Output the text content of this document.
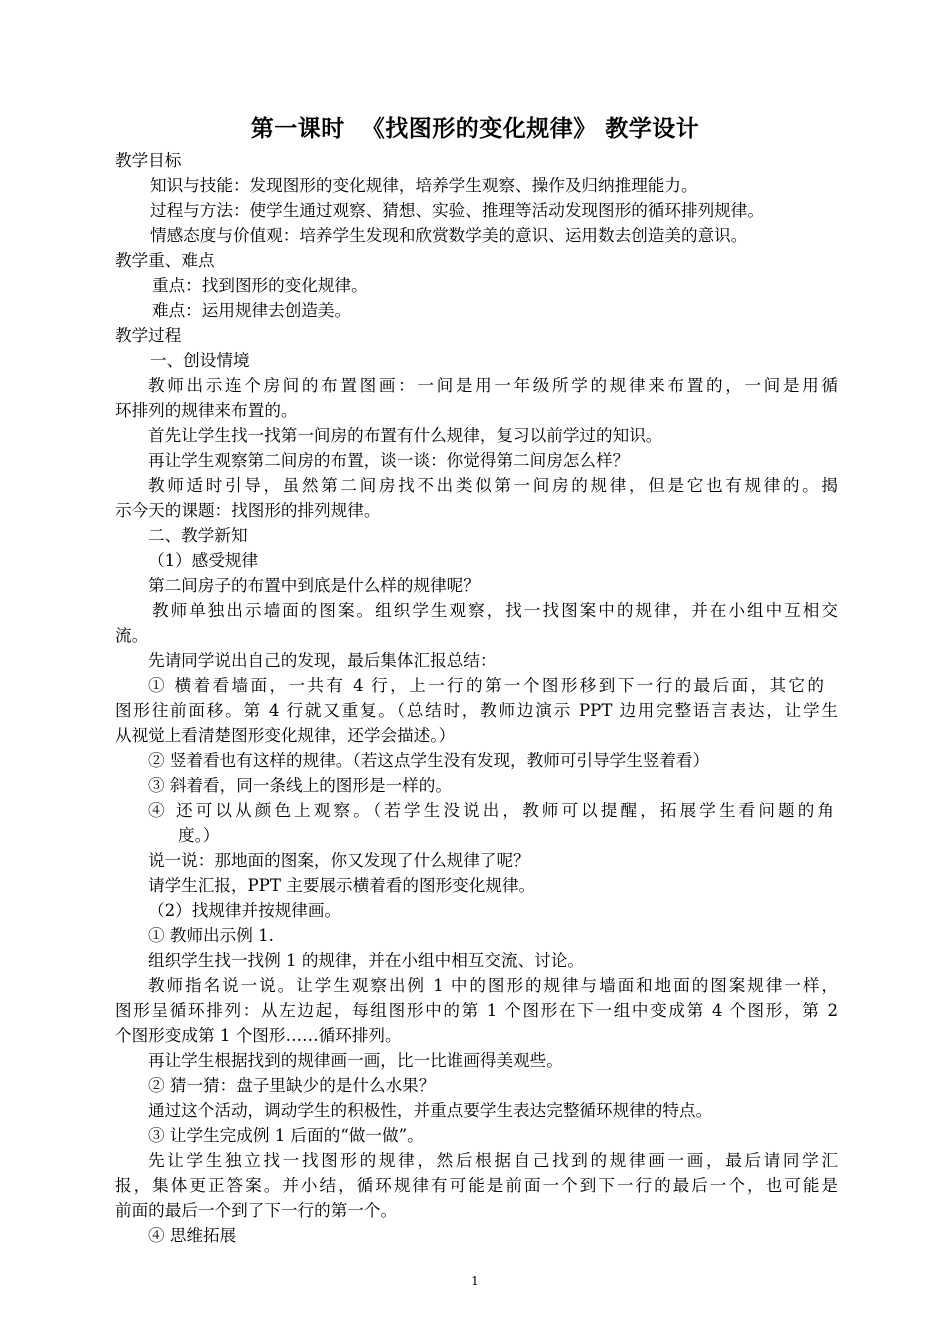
第一课时  《找图形的变化规律》 教学设计
教学目标
知识与技能：发现图形的变化规律，培养学生观察、操作及归纳推理能力。
过程与方法：使学生通过观察、猜想、实验、推理等活动发现图形的循环排列规律。
情感态度与价值观：培养学生发现和欣赏数学美的意识、运用数去创造美的意识。
教学重、难点
重点：找到图形的变化规律。
难点：运用规律去创造美。
教学过程
一、创设情境
教师出示连个房间的布置图画：一间是用一年级所学的规律来布置的，一间是用循
环排列的规律来布置的。
首先让学生找一找第一间房的布置有什么规律，复习以前学过的知识。
再让学生观察第二间房的布置，谈一谈：你觉得第二间房怎么样？
教师适时引导，虽然第二间房找不出类似第一间房的规律，但是它也有规律的。揭
示今天的课题：找图形的排列规律。
二、教学新知
（1）感受规律
第二间房子的布置中到底是什么样的规律呢？
教师单独出示墙面的图案。组织学生观察，找一找图案中的规律，并在小组中互相交
流。
先请同学说出自己的发现，最后集体汇报总结：
① 横着看墙面，一共有 4 行，上一行的第一个图形移到下一行的最后面，其它的
图形往前面移。第 4 行就又重复。（总结时，教师边演示 PPT 边用完整语言表达，让学生
从视觉上看清楚图形变化规律，还学会描述。）
② 竖着看也有这样的规律。（若这点学生没有发现，教师可引导学生竖着看）
③ 斜着看，同一条线上的图形是一样的。
④ 还可以从颜色上观察。（若学生没说出，教师可以提醒，拓展学生看问题的角
度。）
说一说：那地面的图案，你又发现了什么规律了呢？
请学生汇报，PPT 主要展示横着看的图形变化规律。
（2）找规律并按规律画。
① 教师出示例 1.
组织学生找一找例 1 的规律，并在小组中相互交流、讨论。
教师指名说一说。让学生观察出例 1 中的图形的规律与墙面和地面的图案规律一样，
图形呈循环排列：从左边起，每组图形中的第 1 个图形在下一组中变成第 4 个图形，第 2
个图形变成第 1 个图形……循环排列。
再让学生根据找到的规律画一画，比一比谁画得美观些。
② 猜一猜：盘子里缺少的是什么水果？
通过这个活动，调动学生的积极性，并重点要学生表达完整循环规律的特点。
③ 让学生完成例 1 后面的“做一做”。
先让学生独立找一找图形的规律，然后根据自己找到的规律画一画，最后请同学汇
报，集体更正答案。并小结，循环规律有可能是前面一个到下一行的最后一个，也可能是
前面的最后一个到了下一行的第一个。
④ 思维拓展
1
